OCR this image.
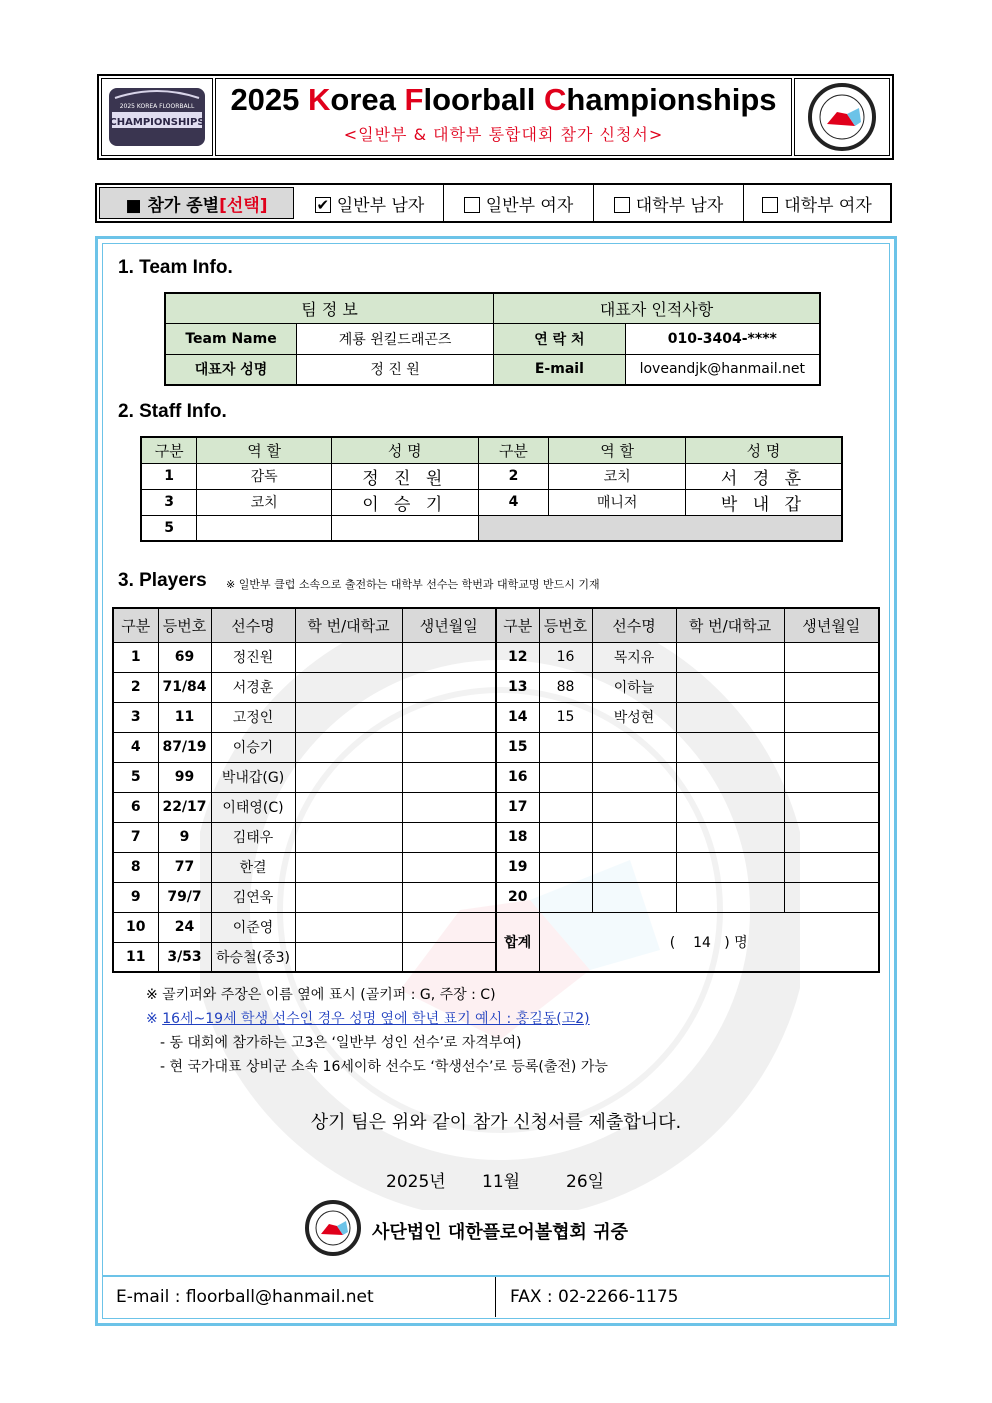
CHAMPIONSHIPS
2025 KOREA FLOORBALL	2025 Korea Floorball Championships
<일반부 & 대학부 통합대회 참가 신청서>
■ 참가 종별 [선택]	✔ 일반부 남자	일반부 여자	대학부 남자	대학부 여자
1. Team Info.
팀 정 보		대표자 인적사항	
Team Name	계룡 윈킬드래곤즈	연 락 처	010-3404-****
대표자 성명	정 진 원	E-mail	loveandjk@hanmail.net
2. Staff Info.
구분	역 할	성 명	구분	역 할	성 명
1	감독	정 진 원	2	코치	서 경 훈
3	코치	이 승 기	4	매니저	박 내 갑
5					
3. Players ※ 일반부 클럽 소속으로 출전하는 대학부 선수는 학번과 대학교명 반드시 기재
구분	등번호	선수명	학 번/대학교	생년월일	구분	등번호	선수명	학 번/대학교	생년월일
1	69	정진원			12	16	목지유		
2	71/84	서경훈			13	88	이하늘		
3	11	고정인			14	15	박성현		
4	87/19	이승기			15				
5	99	박내갑(G)			16				
6	22/17	이태영(C)			17				
7	9	김태우			18				
8	77	한결			19				
9	79/7	김연욱			20				
10	24	이준영			합계	( 14 ) 명			
11	3/53	하승철(중3)							
※ 골키퍼와 주장은 이름 옆에 표시 (골키퍼 : G, 주장 : C)
※ 16세~19세 학생 선수인 경우 성명 옆에 학년 표기 예시 : 홍길동(고2)
- 동 대회에 참가하는 고3은 ‘일반부 성인 선수’로 자격부여)
- 현 국가대표 상비군 소속 16세이하 선수도 ‘학생선수’로 등록(출전) 가능
상기 팀은 위와 같이 참가 신청서를 제출합니다.
2025년 11월	26일
사단법인 대한플로어볼협회 귀중
E-mail : floorball@hanmail.net	FAX : 02-2266-1175
